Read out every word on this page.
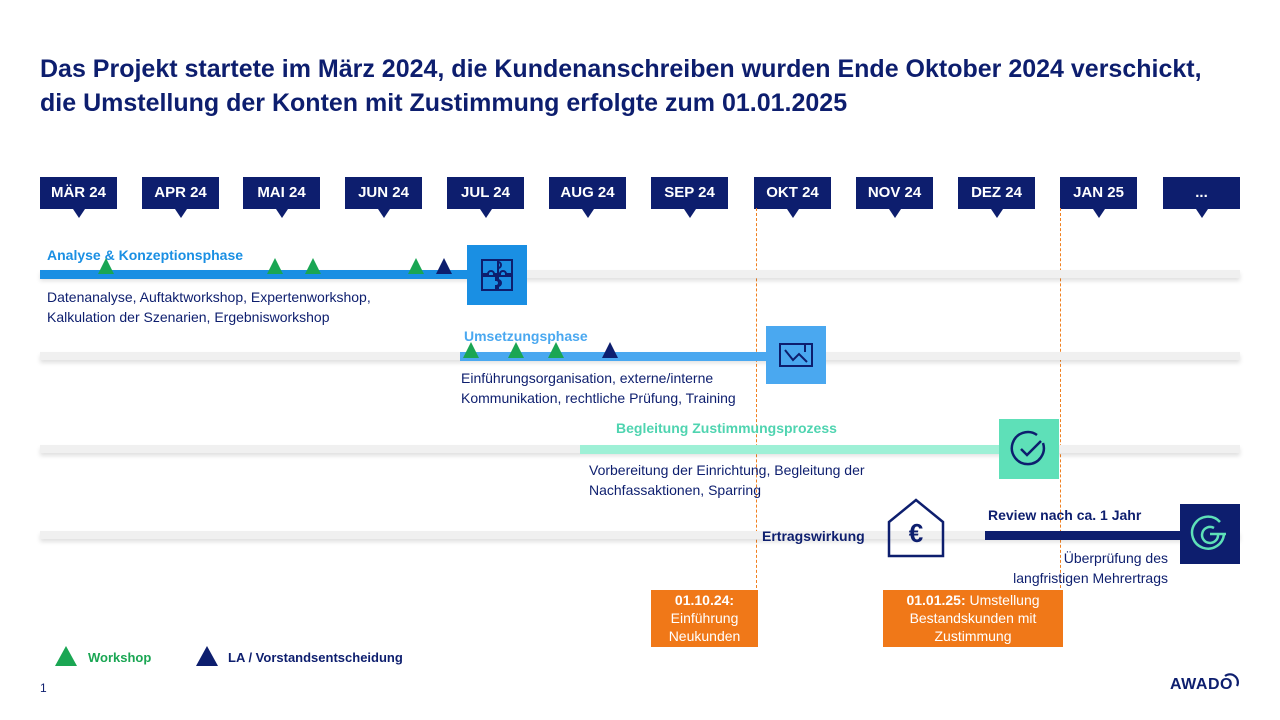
Das Projekt startete im März 2024, die Kundenanschreiben wurden Ende Oktober 2024 verschickt, die Umstellung der Konten mit Zustimmung erfolgte zum 01.01.2025
MÄR 24	APR 24	MAI 24	JUN 24	JUL 24	AUG 24	SEP 24	OKT 24	NOV 24	DEZ 24	JAN 25	...
Analyse & Konzeptionsphase
Datenanalyse, Auftaktworkshop, Expertenworkshop,
Kalkulation der Szenarien, Ergebnisworkshop
Umsetzungsphase
Einführungsorganisation, externe/interne
Kommunikation, rechtliche Prüfung, Training
Begleitung Zustimmungsprozess
Vorbereitung der Einrichtung, Begleitung der
Nachfassaktionen, Sparring
Ertragswirkung €
Review nach ca. 1 Jahr
Überprüfung des
langfristigen Mehrertrags
01.10.24:
Einführung
Neukunden
01.01.25: Umstellung
Bestandskunden mit
Zustimmung
Workshop	LA / Vorstandsentscheidung
1	AWADO
